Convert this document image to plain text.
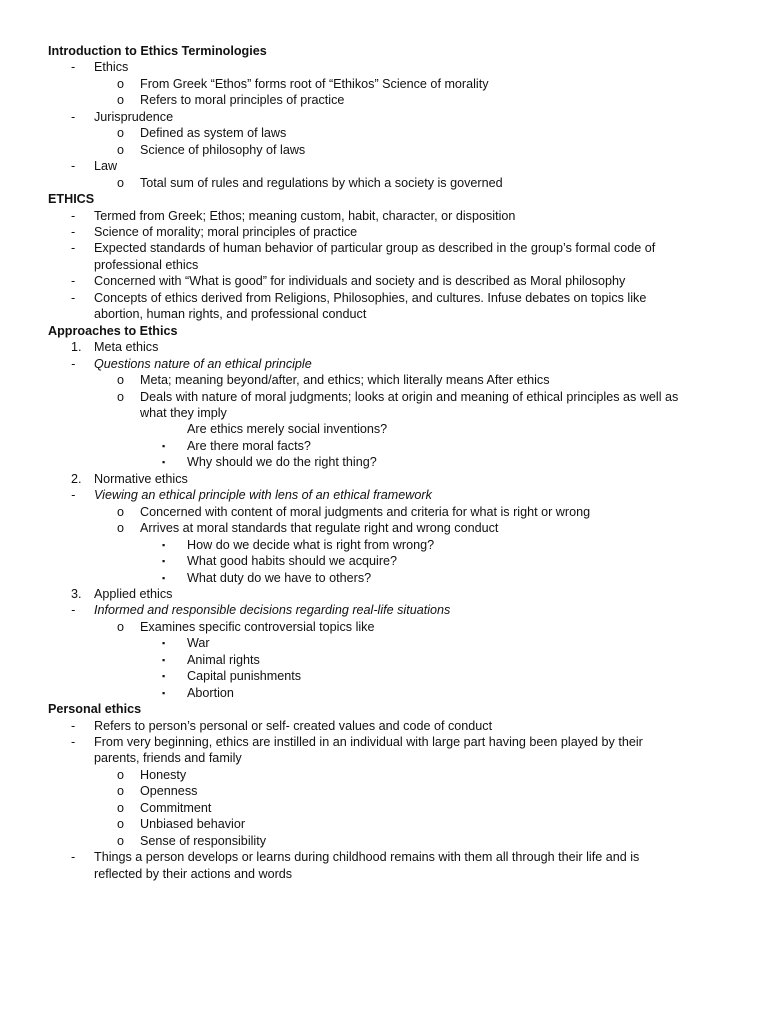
Introduction to Ethics Terminologies
- Ethics
o From Greek “Ethos” forms root of “Ethikos” Science of morality
o Refers to moral principles of practice
- Jurisprudence
o Defined as system of laws
o Science of philosophy of laws
- Law
o Total sum of rules and regulations by which a society is governed
ETHICS
- Termed from Greek; Ethos; meaning custom, habit, character, or disposition
- Science of morality; moral principles of practice
- Expected standards of human behavior of particular group as described in the group’s formal code of
professional ethics
- Concerned with “What is good” for individuals and society and is described as Moral philosophy
- Concepts of ethics derived from Religions, Philosophies, and cultures. Infuse debates on topics like
abortion, human rights, and professional conduct
Approaches to Ethics
1. Meta ethics
- Questions nature of an ethical principle
o Meta; meaning beyond/after, and ethics; which literally means After ethics
o Deals with nature of moral judgments; looks at origin and meaning of ethical principles as well as
what they imply
Are ethics merely social inventions?
▪ Are there moral facts?
▪ Why should we do the right thing?
2. Normative ethics
- Viewing an ethical principle with lens of an ethical framework
o Concerned with content of moral judgments and criteria for what is right or wrong
o Arrives at moral standards that regulate right and wrong conduct
▪ How do we decide what is right from wrong?
▪ What good habits should we acquire?
▪ What duty do we have to others?
3. Applied ethics
- Informed and responsible decisions regarding real-life situations
o Examines specific controversial topics like
▪ War
▪ Animal rights
▪ Capital punishments
▪ Abortion
Personal ethics
- Refers to person’s personal or self- created values and code of conduct
- From very beginning, ethics are instilled in an individual with large part having been played by their
parents, friends and family
o Honesty
o Openness
o Commitment
o Unbiased behavior
o Sense of responsibility
- Things a person develops or learns during childhood remains with them all through their life and is
reflected by their actions and words
